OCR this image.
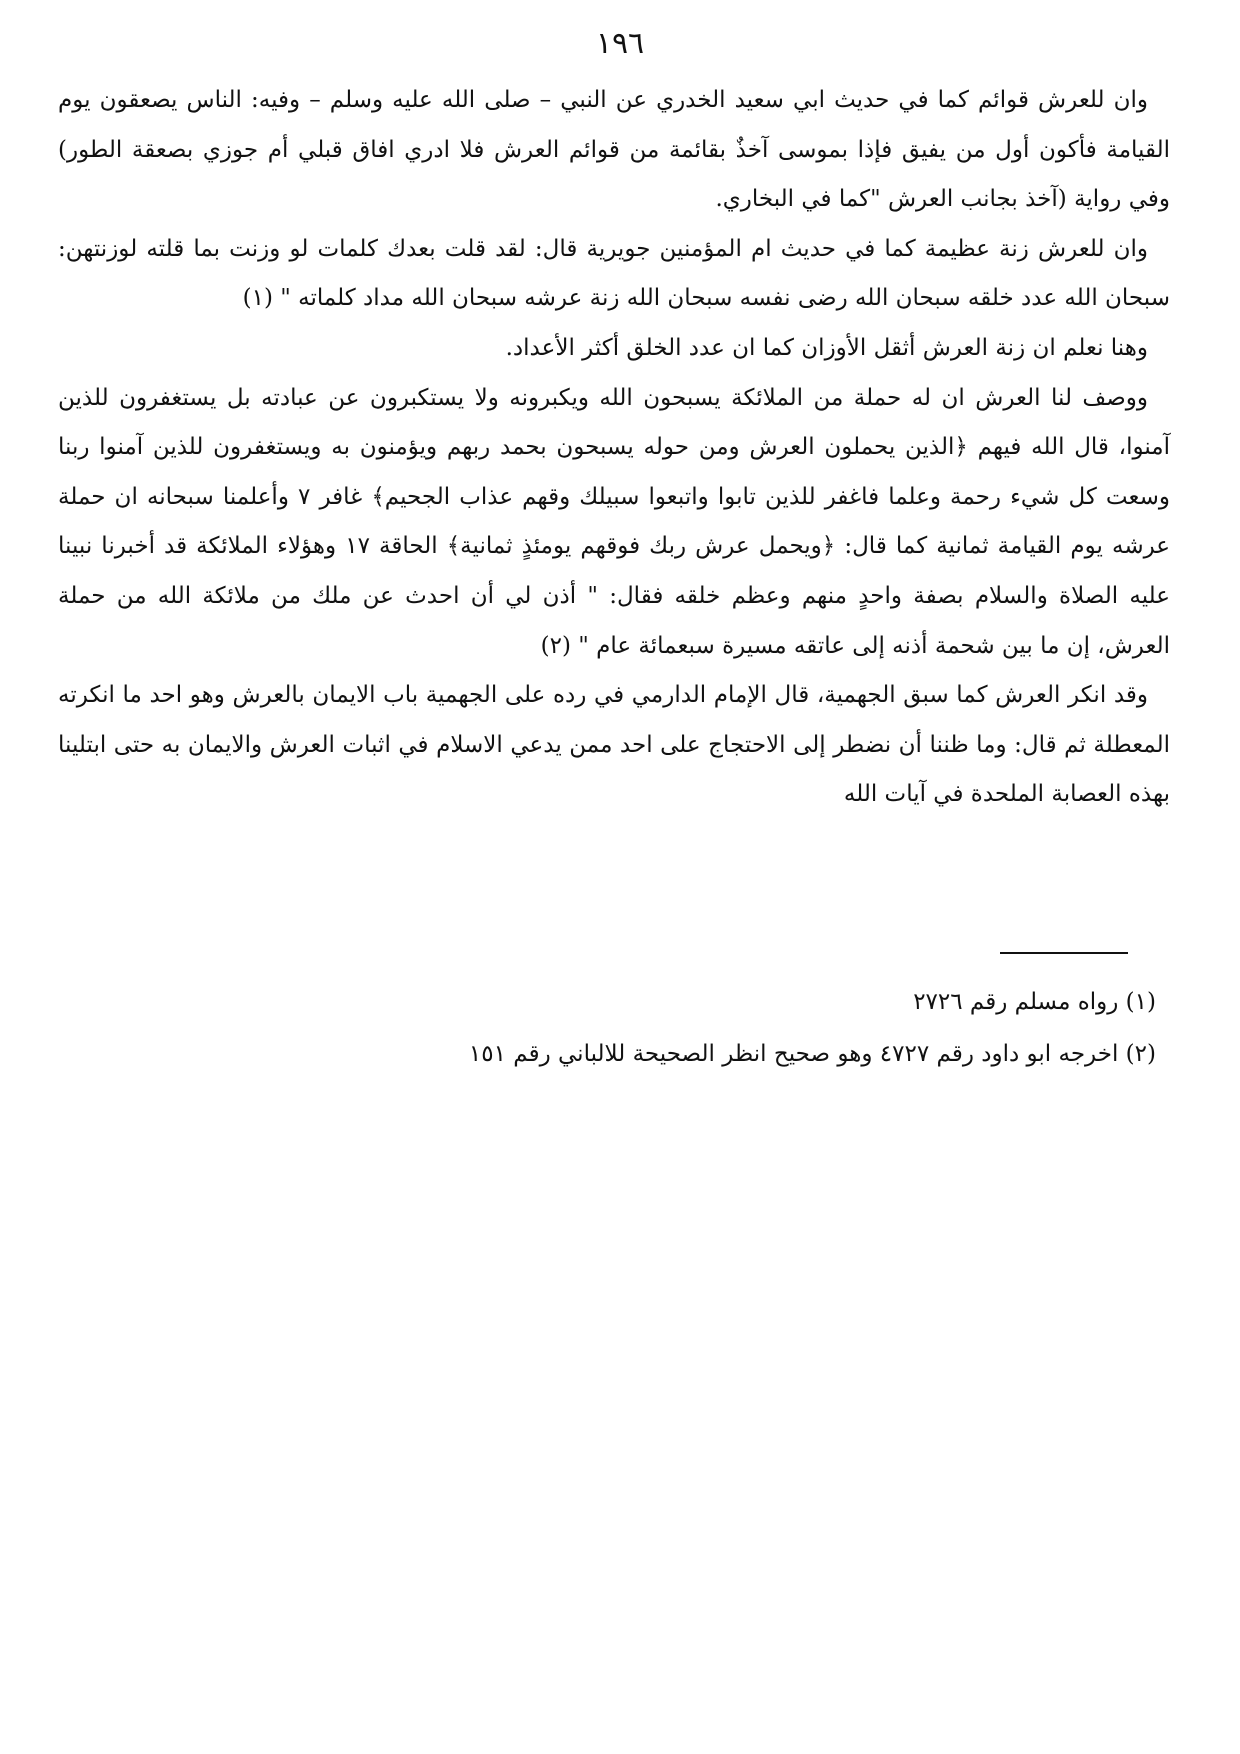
١٩٦

وان للعرش قوائم كما في حديث ابي سعيد الخدري عن النبي – صلى الله عليه وسلم – وفيه: الناس يصعقون يوم القيامة فأكون أول من يفيق فإذا بموسى آخذٌ بقائمة من قوائم العرش فلا ادري افاق قبلي أم جوزي بصعقة الطور) وفي رواية (آخذ بجانب العرش "كما في البخاري.

وان للعرش زنة عظيمة كما في حديث ام المؤمنين جويرية قال: لقد قلت بعدك كلمات لو وزنت بما قلته لوزنتهن: سبحان الله عدد خلقه سبحان الله رضى نفسه سبحان الله زنة عرشه سبحان الله مداد كلماته " (١)

وهنا نعلم ان زنة العرش أثقل الأوزان كما ان عدد الخلق أكثر الأعداد.

ووصف لنا العرش ان له حملة من الملائكة يسبحون الله ويكبرونه ولا يستكبرون عن عبادته بل يستغفرون للذين آمنوا، قال الله فيهم ﴿الذين يحملون العرش ومن حوله يسبحون بحمد ربهم ويؤمنون به ويستغفرون للذين آمنوا ربنا وسعت كل شيء رحمة وعلما فاغفر للذين تابوا واتبعوا سبيلك وقهم عذاب الجحيم﴾ غافر ٧ وأعلمنا سبحانه ان حملة عرشه يوم القيامة ثمانية كما قال: ﴿ويحمل عرش ربك فوقهم يومئذٍ ثمانية﴾ الحاقة ١٧ وهؤلاء الملائكة قد أخبرنا نبينا عليه الصلاة والسلام بصفة واحدٍ منهم وعظم خلقه فقال: " أذن لي أن احدث عن ملك من ملائكة الله من حملة العرش، إن ما بين شحمة أذنه إلى عاتقه مسيرة سبعمائة عام " (٢)

وقد انكر العرش كما سبق الجهمية، قال الإمام الدارمي في رده على الجهمية باب الايمان بالعرش وهو احد ما انكرته المعطلة ثم قال: وما ظننا أن نضطر إلى الاحتجاج على احد ممن يدعي الاسلام في اثبات العرش والايمان به حتى ابتلينا بهذه العصابة الملحدة في آيات الله

(١) رواه مسلم رقم ٢٧٢٦

(٢) اخرجه ابو داود رقم ٤٧٢٧ وهو صحيح انظر الصحيحة للالباني رقم ١٥١
